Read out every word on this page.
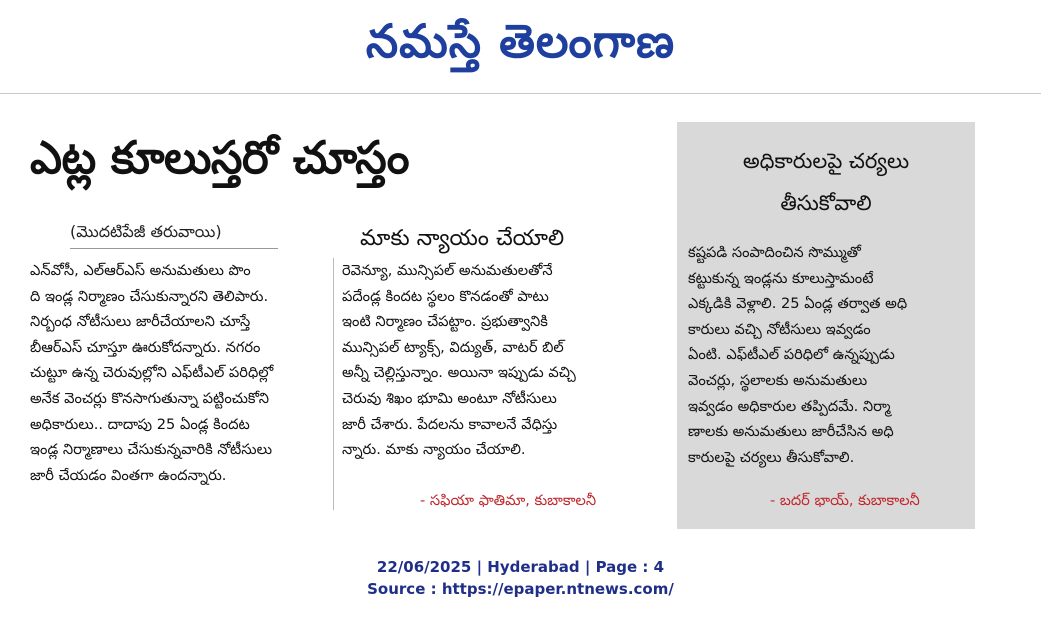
నమస్తే తెలంగాణ
ఎట్ల కూలుస్తరో చూస్తం
(మొదటిపేజీ తరువాయి)	మాకు న్యాయం చేయాలి
ఎన్‌వోసీ, ఎల్‌ఆర్‌ఎస్‌ అనుమతులు పొం
ది ఇండ్ల నిర్మాణం చేసుకున్నారని తెలిపారు.
నిర్బంధ నోటీసులు జారీచేయాలని చూస్తే
బీఆర్‌ఎస్‌ చూస్తూ ఊరుకోదన్నారు. నగరం
చుట్టూ ఉన్న చెరువుల్లోని ఎఫ్‌టీఎల్‌ పరిధిల్లో
అనేక వెంచర్లు కొనసాగుతున్నా పట్టించుకోని
అధికారులు.. దాదాపు 25 ఏండ్ల కిందట
ఇండ్ల నిర్మాణాలు చేసుకున్నవారికి నోటీసులు
జారీ చేయడం వింతగా ఉందన్నారు.
రెవెన్యూ, మున్సిపల్‌ అనుమతులతోనే
పదేండ్ల కిందట స్థలం కొనడంతో పాటు
ఇంటి నిర్మాణం చేపట్టాం. ప్రభుత్వానికి
మున్సిపల్‌ ట్యాక్స్‌, విద్యుత్‌, వాటర్‌ బిల్‌
అన్నీ చెల్లిస్తున్నాం. అయినా ఇప్పుడు వచ్చి
చెరువు శిఖం భూమి అంటూ నోటీసులు
జారీ చేశారు. పేదలను కావాలనే వేధిస్తు
న్నారు. మాకు న్యాయం చేయాలి.
- సఫియా ఫాతిమా, కుబాకాలనీ
అధికారులపై చర్యలు
తీసుకోవాలి
కష్టపడి సంపాదించిన సొమ్ముతో
కట్టుకున్న ఇండ్లను కూలుస్తామంటే
ఎక్కడికి వెళ్లాలి. 25 ఏండ్ల తర్వాత అధి
కారులు వచ్చి నోటీసులు ఇవ్వడం
ఏంటి. ఎఫ్‌టీఎల్‌ పరిధిలో ఉన్నప్పుడు
వెంచర్లు, స్థలాలకు అనుమతులు
ఇవ్వడం అధికారుల తప్పిదమే. నిర్మా
ణాలకు అనుమతులు జారీచేసిన అధి
కారులపై చర్యలు తీసుకోవాలి.
- బదర్‌ భాయ్‌, కుబాకాలనీ
22/06/2025 | Hyderabad | Page : 4
Source : https://epaper.ntnews.com/
